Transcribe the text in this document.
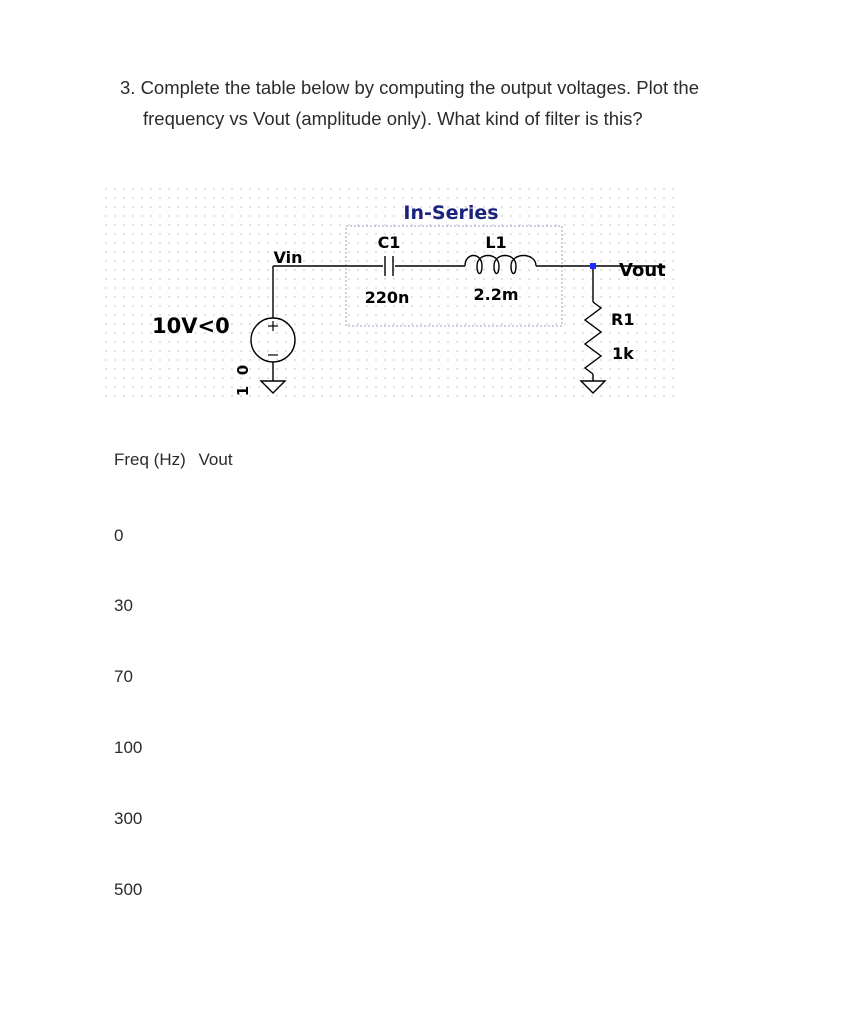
3. Complete the table below by computing the output voltages. Plot the
frequency vs Vout (amplitude only). What kind of filter is this?
In-Series
C1
220n
L1
2.2m
Vin
10V<0
0
1
Vout
R1
1k
Freq (Hz) Vout
0
30
70
100
300
500
